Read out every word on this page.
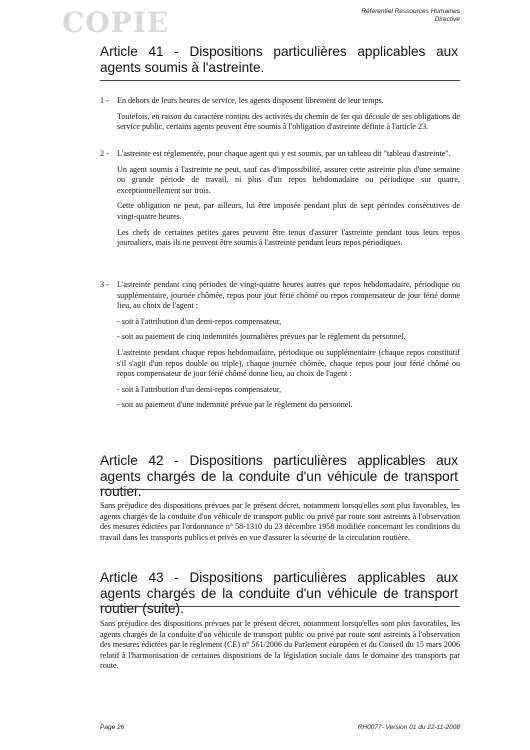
COPIE	Référentiel Ressources Humaines
Directive
Article 41 - Dispositions particulières applicables aux agents soumis à l'astreinte.
1 -	En dehors de leurs heures de service, les agents disposent librement de leur temps.

Toutefois, en raison du caractère continu des activités du chemin de fer qui découle de ses obligations de service public, certains agents peuvent être soumis à l'obligation d'astreinte définie à l'article 23.

2 -	L'astreinte est réglementée, pour chaque agent qui y est soumis, par un tableau dit "tableau d'astreinte".

Un agent soumis à l'astreinte ne peut, sauf cas d'impossibilité, assurer cette astreinte plus d'une semaine ou grande période de travail, ni plus d'un repos hebdomadaire ou périodique sur quatre, exceptionnellement sur trois.

Cette obligation ne peut, par ailleurs, lui être imposée pendant plus de sept périodes consécutives de vingt-quatre heures.

Les chefs de certaines petites gares peuvent être tenus d'assurer l'astreinte pendant tous leurs repos journaliers, mais ils ne peuvent être soumis à l'astreinte pendant leurs repos périodiques.

3 -	L'astreinte pendant cinq périodes de vingt-quatre heures autres que repos hebdomadaire, périodique ou supplémentaire, journée chômée, repos pour jour férié chômé ou repos compensateur de jour férié donne lieu, au choix de l'agent :

- soit à l'attribution d'un demi-repos compensateur,

- soit au paiement de cinq indemnités journalières prévues par le règlement du personnel.

L'astreinte pendant chaque repos hebdomadaire, périodique ou supplémentaire (chaque repos constitutif s'il s'agit d'un repos double ou triple), chaque journée chômée, chaque repos pour jour férié chômé ou repos compensateur de jour férié chômé donne lieu, au choix de l'agent :

- soit à l'attribution d'un demi-repos compensateur,

- soit au paiement d'une indemnité prévue par le règlement du personnel.

Article 42 - Dispositions particulières applicables aux agents chargés de la conduite d'un véhicule de transport routier.

Sans préjudice des dispositions prévues par le présent décret, notamment lorsqu'elles sont plus favorables, les agents chargés de la conduite d'un véhicule de transport public ou privé par route sont astreints à l'observation des mesures édictées par l'ordonnance n° 58-1310 du 23 décembre 1958 modifiée concernant les conditions du travail dans les transports publics et privés en vue d'assurer la sécurité de la circulation routière.

Article 43 - Dispositions particulières applicables aux agents chargés de la conduite d'un véhicule de transport routier (suite).

Sans préjudice des dispositions prévues par le présent décret, notamment lorsqu'elles sont plus favorables, les agents chargés de la conduite d'un véhicule de transport public ou privé par route sont astreints à l'observation des mesures édictées par le règlement (CE) n° 561/2006 du Parlement européen et du Conseil du 15 mars 2006 relatif à l'harmonisation de certaines dispositions de la législation sociale dans le domaine des transports par route.

Page 26	RH0077- Version 01 du 22-11-2008
